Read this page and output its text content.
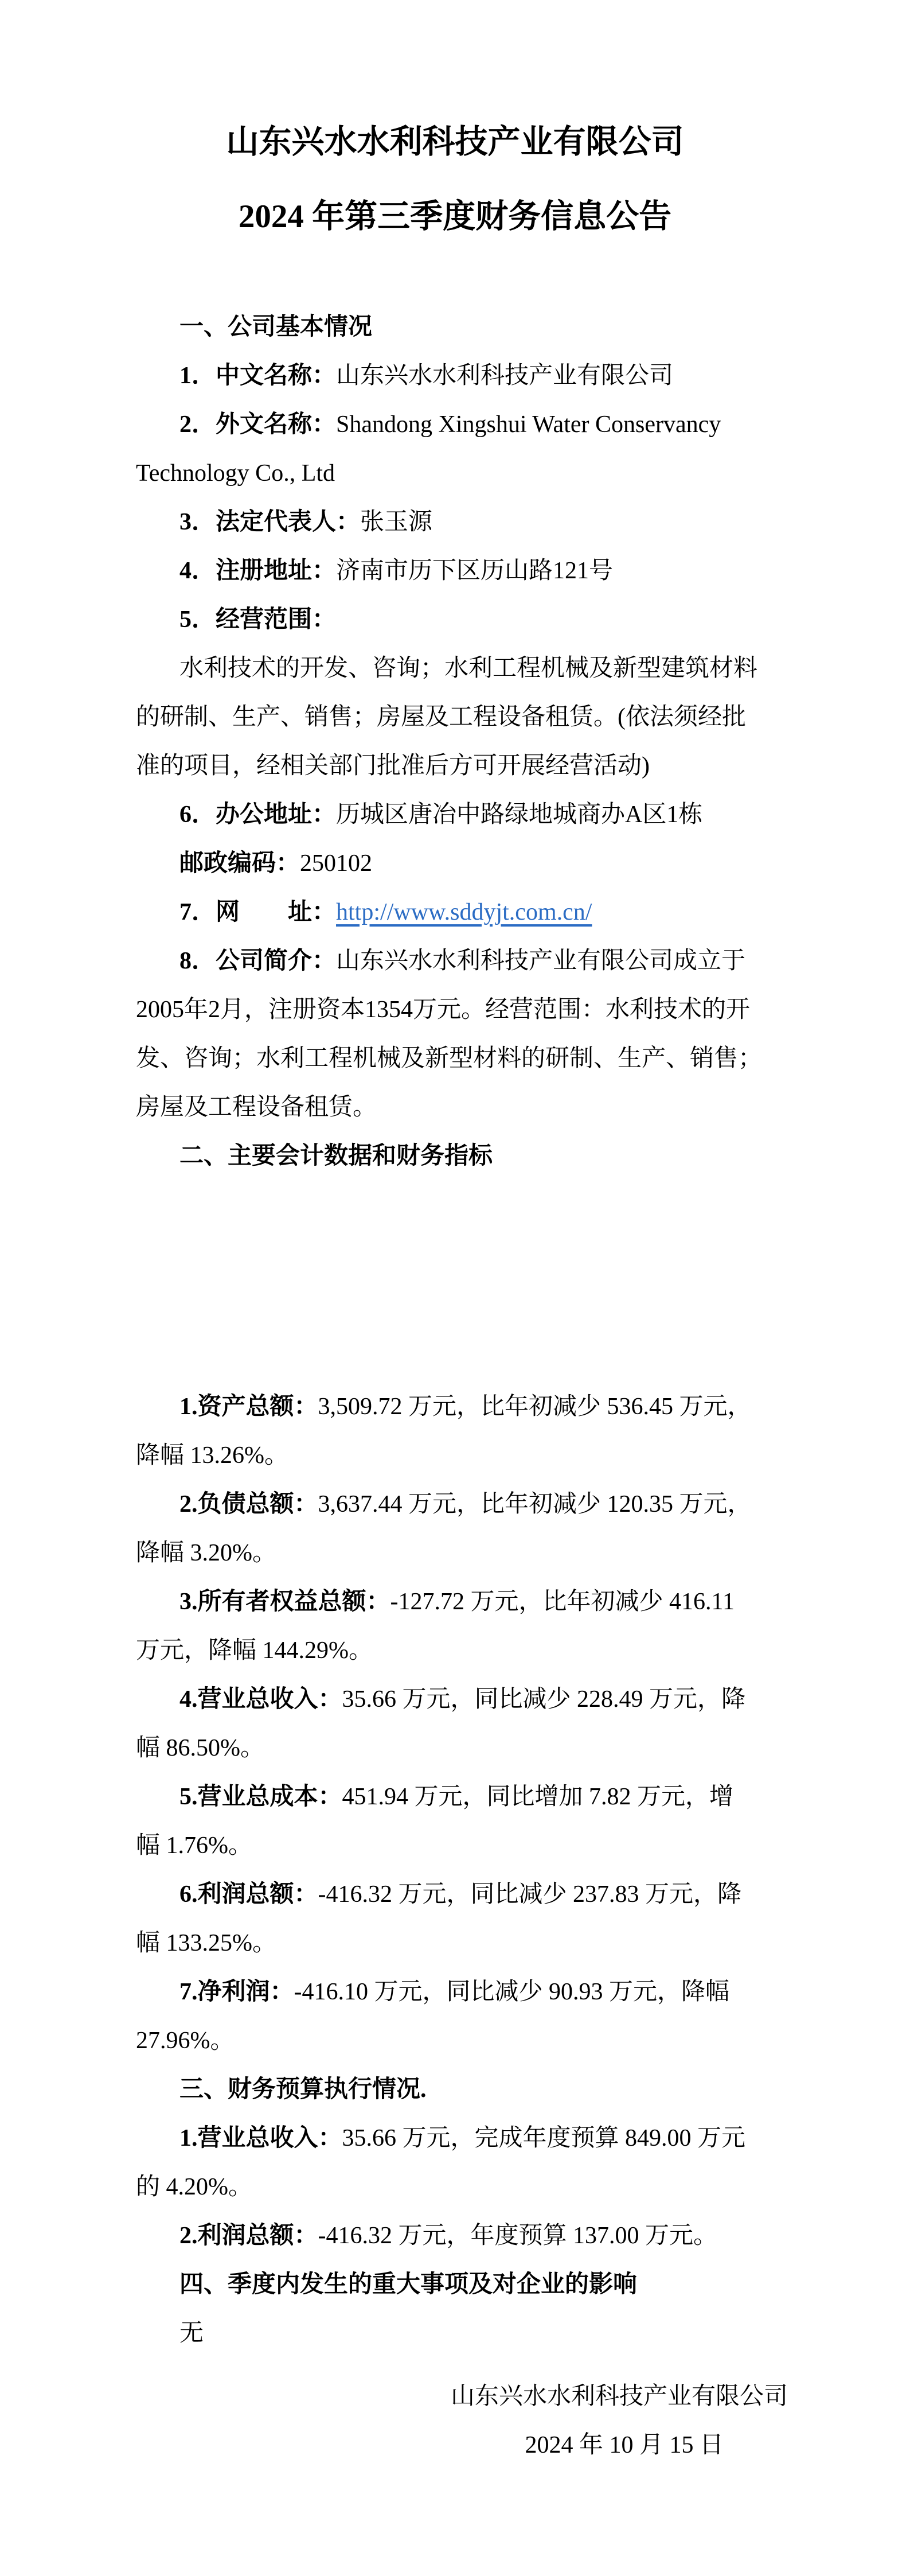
山东兴水水利科技产业有限公司
2024 年第三季度财务信息公告
一、公司基本情况
1．中文名称：山东兴水水利科技产业有限公司
2．外文名称：Shandong Xingshui Water Conservancy
Technology Co., Ltd
3．法定代表人：张玉源
4．注册地址：济南市历下区历山路121号
5．经营范围：
水利技术的开发、咨询；水利工程机械及新型建筑材料
的研制、生产、销售；房屋及工程设备租赁。(依法须经批
准的项目，经相关部门批准后方可开展经营活动)
6．办公地址：历城区唐冶中路绿地城商办A区1栋
邮政编码：250102
7．网　　址：http://www.sddyjt.com.cn/
8．公司简介：山东兴水水利科技产业有限公司成立于
2005年2月，注册资本1354万元。经营范围：水利技术的开
发、咨询；水利工程机械及新型材料的研制、生产、销售；
房屋及工程设备租赁。
二、主要会计数据和财务指标
1.资产总额：3,509.72 万元，比年初减少 536.45 万元，
降幅 13.26%。
2.负债总额：3,637.44 万元，比年初减少 120.35 万元，
降幅 3.20%。
3.所有者权益总额：-127.72 万元，比年初减少 416.11
万元，降幅 144.29%。
4.营业总收入：35.66 万元，同比减少 228.49 万元，降
幅 86.50%。
5.营业总成本：451.94 万元，同比增加 7.82 万元，增
幅 1.76%。
6.利润总额：-416.32 万元，同比减少 237.83 万元，降
幅 133.25%。
7.净利润：-416.10 万元，同比减少 90.93 万元，降幅
27.96%。
三、财务预算执行情况.
1.营业总收入：35.66 万元，完成年度预算 849.00 万元
的 4.20%。
2.利润总额：-416.32 万元，年度预算 137.00 万元。
四、季度内发生的重大事项及对企业的影响
无
山东兴水水利科技产业有限公司
2024 年 10 月 15 日
